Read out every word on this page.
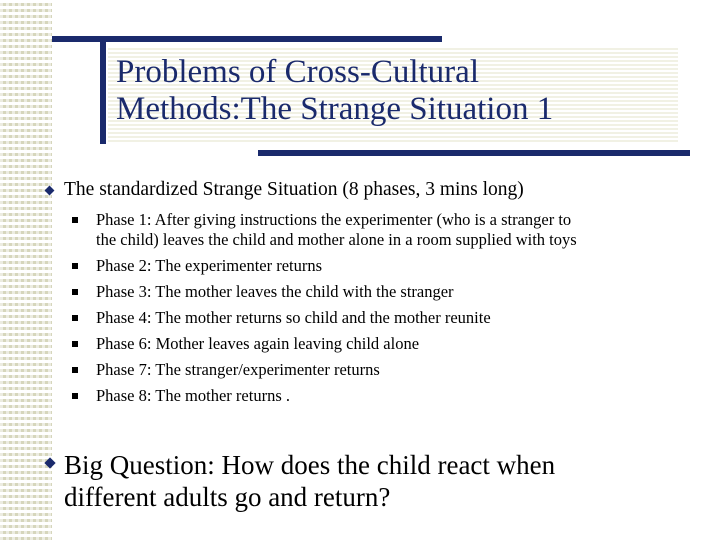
Problems of Cross-Cultural
Methods:The Strange Situation 1
The standardized Strange Situation (8 phases, 3 mins long)
Phase 1: After giving instructions the experimenter (who is a stranger to
the child) leaves the child and mother alone in a room supplied with toys
Phase 2: The experimenter returns
Phase 3: The mother leaves the child with the stranger
Phase 4: The mother returns so child and the mother reunite
Phase 6: Mother leaves again leaving child alone
Phase 7: The stranger/experimenter returns
Phase 8: The mother returns .
Big Question: How does the child react when
different adults go and return?
